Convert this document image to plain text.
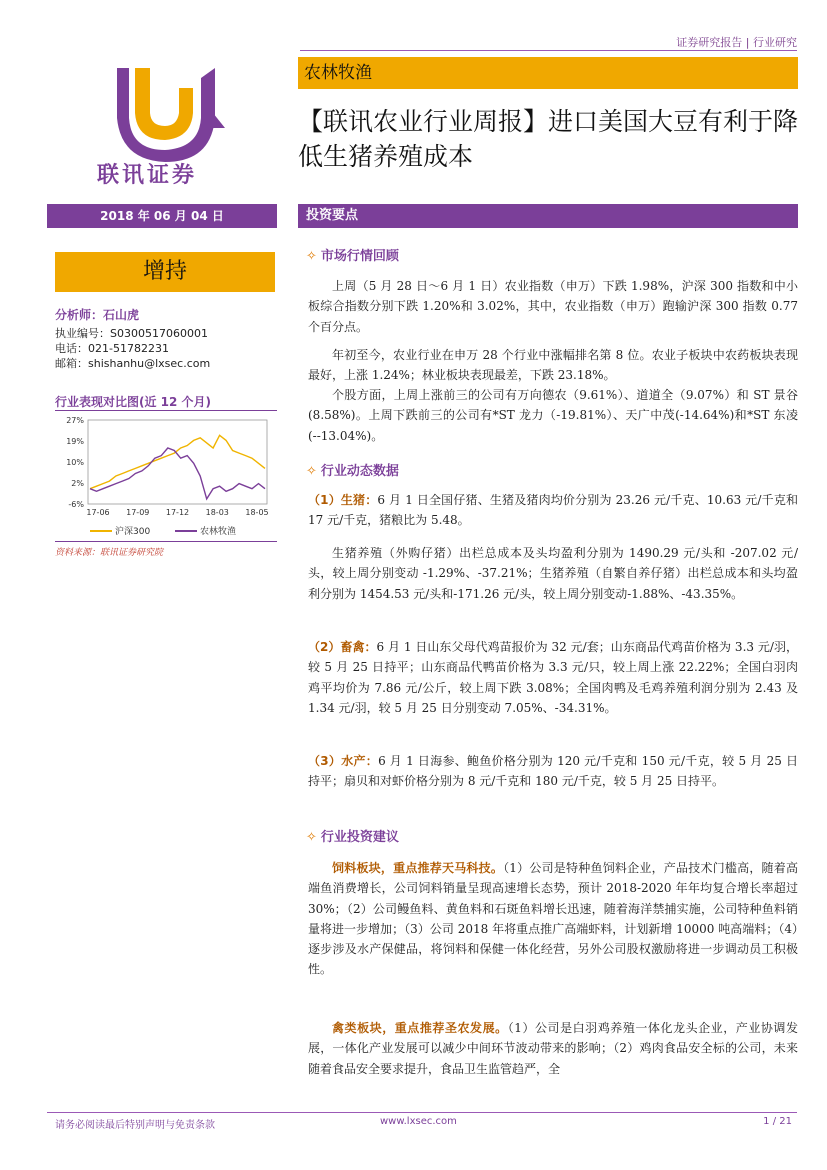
证券研究报告 | 行业研究
联讯证券
农林牧渔
【联讯农业行业周报】进口美国大豆有利于降低生猪养殖成本
2018 年 06 月 04 日	投资要点
增持
分析师：石山虎
执业编号：S0300517060001
电话：021-51782231
邮箱：shishanhu@lxsec.com
行业表现对比图(近 12 个月)
27%
19%
10%
2%
-6%
17-06 17-09 17-12 18-03 18-05
沪深300	农林牧渔
资料来源：联讯证券研究院
✧ 市场行情回顾
上周（5 月 28 日～6 月 1 日）农业指数（申万）下跌 1.98%，沪深 300 指数和中小板综合指数分别下跌 1.20%和 3.02%，其中，农业指数（申万）跑输沪深 300 指数 0.77 个百分点。
年初至今，农业行业在申万 28 个行业中涨幅排名第 8 位。农业子板块中农药板块表现最好，上涨 1.24%；林业板块表现最差，下跌 23.18%。
个股方面，上周上涨前三的公司有万向德农（9.61%）、道道全（9.07%）和 ST 景谷(8.58%)。上周下跌前三的公司有*ST 龙力（-19.81%）、天广中茂(-14.64%)和*ST 东凌 (--13.04%)。
✧ 行业动态数据
（1）生猪：6 月 1 日全国仔猪、生猪及猪肉均价分别为 23.26 元/千克、10.63 元/千克和 17 元/千克，猪粮比为 5.48。
生猪养殖（外购仔猪）出栏总成本及头均盈利分别为 1490.29 元/头和 -207.02 元/头，较上周分别变动 -1.29%、-37.21%；生猪养殖（自繁自养仔猪）出栏总成本和头均盈利分别为 1454.53 元/头和-171.26 元/头，较上周分别变动-1.88%、-43.35%。
（2）畜禽：6 月 1 日山东父母代鸡苗报价为 32 元/套；山东商品代鸡苗价格为 3.3 元/羽，较 5 月 25 日持平；山东商品代鸭苗价格为 3.3 元/只，较上周上涨 22.22%；全国白羽肉鸡平均价为 7.86 元/公斤，较上周下跌 3.08%；全国肉鸭及毛鸡养殖利润分别为 2.43 及 1.34 元/羽，较 5 月 25 日分别变动 7.05%、-34.31%。
（3）水产：6 月 1 日海参、鲍鱼价格分别为 120 元/千克和 150 元/千克，较 5 月 25 日持平；扇贝和对虾价格分别为 8 元/千克和 180 元/千克，较 5 月 25 日持平。
✧ 行业投资建议
饲料板块，重点推荐天马科技。（1）公司是特种鱼饲料企业，产品技术门槛高，随着高端鱼消费增长，公司饲料销量呈现高速增长态势，预计 2018-2020 年年均复合增长率超过 30%；（2）公司鳗鱼料、黄鱼料和石斑鱼料增长迅速，随着海洋禁捕实施，公司特种鱼料销量将进一步增加；（3）公司 2018 年将重点推广高端虾料，计划新增 10000 吨高端料；（4）逐步涉及水产保健品，将饲料和保健一体化经营，另外公司股权激励将进一步调动员工积极性。
禽类板块，重点推荐圣农发展。（1）公司是白羽鸡养殖一体化龙头企业，产业协调发展，一体化产业发展可以减少中间环节波动带来的影响；（2）鸡肉食品安全标的公司，未来随着食品安全要求提升，食品卫生监管趋严，全
请务必阅读最后特别声明与免责条款	www.lxsec.com	1 / 21
